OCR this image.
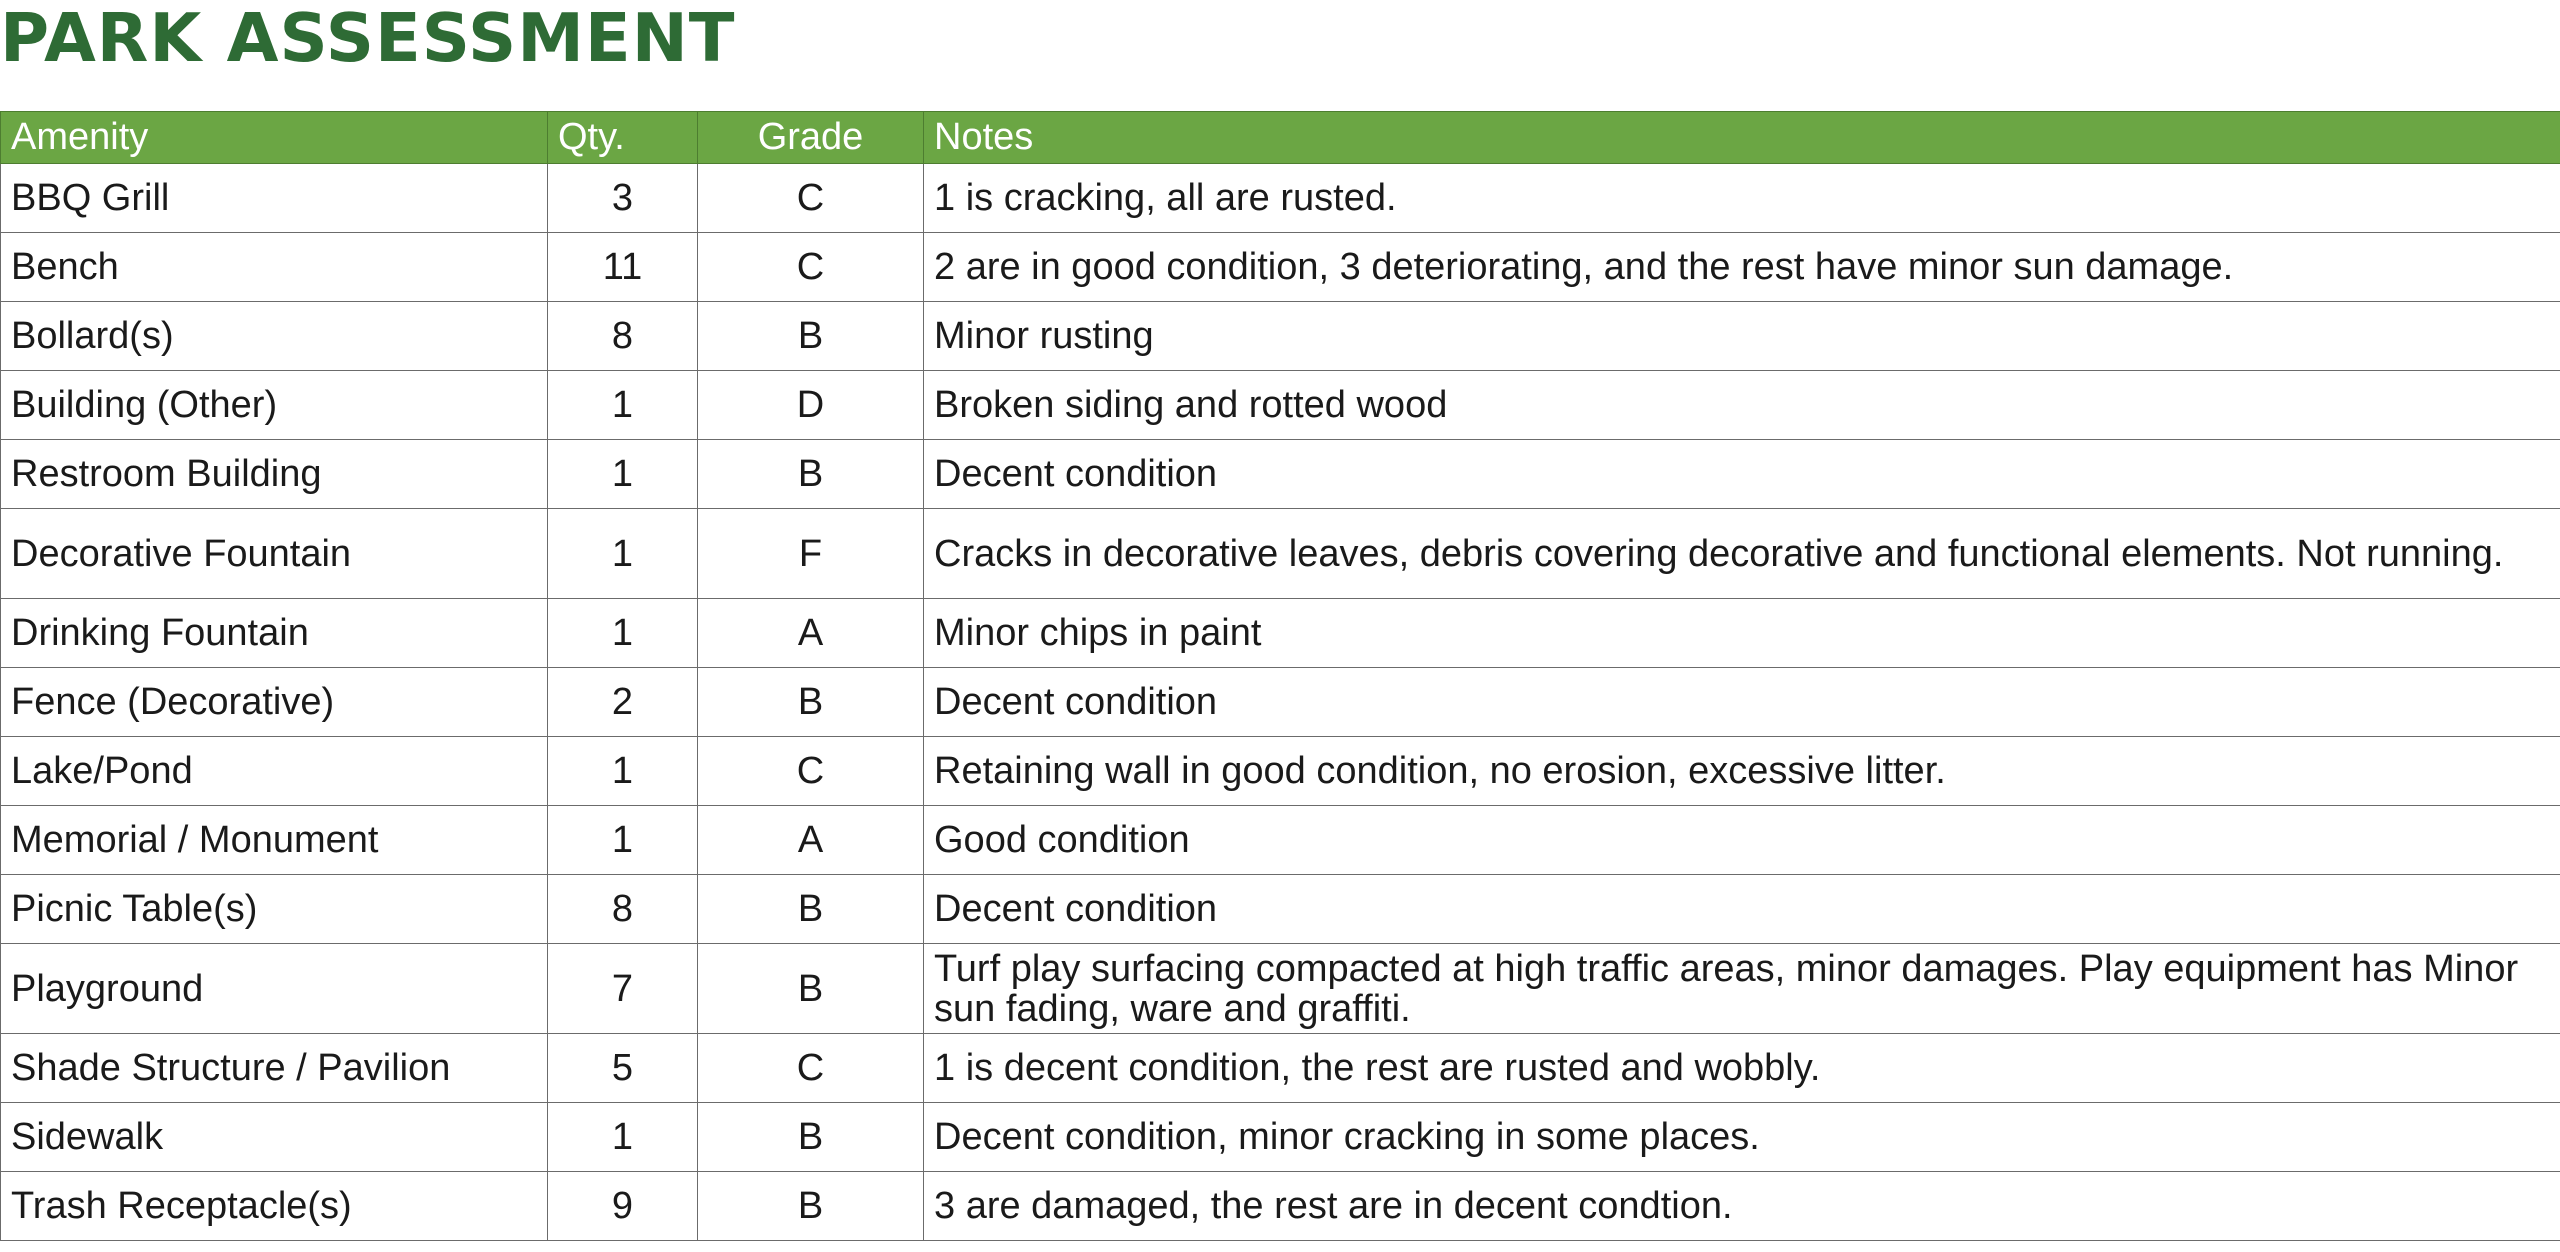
PARK ASSESSMENT
Amenity	Qty.	Grade	Notes
BBQ Grill	3	C	1 is cracking, all are rusted.
Bench	11	C	2 are in good condition, 3 deteriorating, and the rest have minor sun damage.
Bollard(s)	8	B	Minor rusting
Building (Other)	1	D	Broken siding and rotted wood
Restroom Building	1	B	Decent condition
Decorative Fountain	1	F	Cracks in decorative leaves, debris covering decorative and functional elements. Not running.
Drinking Fountain	1	A	Minor chips in paint
Fence (Decorative)	2	B	Decent condition
Lake/Pond	1	C	Retaining wall in good condition, no erosion, excessive litter.
Memorial / Monument	1	A	Good condition
Picnic Table(s)	8	B	Decent condition
Playground	7	B	Turf play surfacing compacted at high traffic areas, minor damages. Play equipment has Minor sun fading, ware and graffiti.
Shade Structure / Pavilion	5	C	1 is decent condition, the rest are rusted and wobbly.
Sidewalk	1	B	Decent condition, minor cracking in some places.
Trash Receptacle(s)	9	B	3 are damaged, the rest are in decent condtion.
